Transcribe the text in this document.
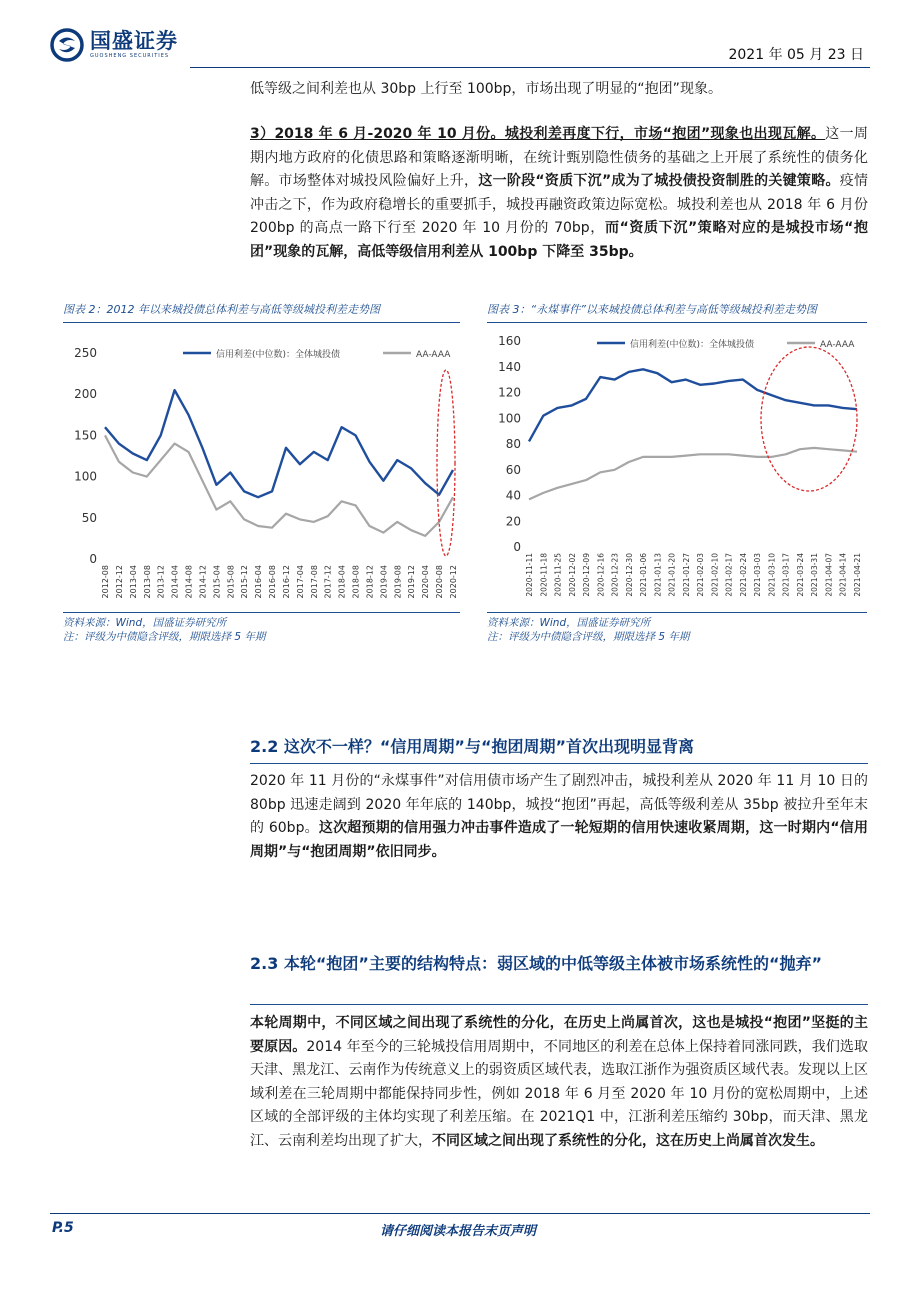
国盛证券
GUOSHENG SECURITIES	2021 年 05 月 23 日
低等级之间利差也从 30bp 上行至 100bp，市场出现了明显的“抱团”现象。
3）2018 年 6 月-2020 年 10 月份。城投利差再度下行，市场“抱团”现象也出现瓦解。这一周期内地方政府的化债思路和策略逐渐明晰，在统计甄别隐性债务的基础之上开展了系统性的债务化解。市场整体对城投风险偏好上升，这一阶段“资质下沉”成为了城投债投资制胜的关键策略。疫情冲击之下，作为政府稳增长的重要抓手，城投再融资政策边际宽松。城投利差也从 2018 年 6 月份 200bp 的高点一路下行至 2020 年 10 月份的 70bp，而“资质下沉”策略对应的是城投市场“抱团”现象的瓦解，高低等级信用利差从 100bp 下降至 35bp。
图表 2：2012 年以来城投债总体利差与高低等级城投利差走势图
0
50
100
150
200
250
2012-08 2012-12 2013-04 2013-08 2013-12 2014-04 2014-08 2014-12 2015-04 2015-08 2015-12 2016-04 2016-08 2016-12 2017-04 2017-08 2017-12 2018-04 2018-08 2018-12 2019-04 2019-08 2019-12 2020-04 2020-08 2020-12
信用利差(中位数)：全体城投债	AA-AAA
资料来源：Wind，国盛证券研究所
注：评级为中债隐含评级，期限选择 5 年期
图表 3：“永煤事件”以来城投债总体利差与高低等级城投利差走势图
0
20
40
60
80
100
120
140
160
2020-11-11 2020-11-18 2020-11-25 2020-12-02 2020-12-09 2020-12-16 2020-12-23 2020-12-30 2021-01-06 2021-01-13 2021-01-20 2021-01-27 2021-02-03 2021-02-10 2021-02-17 2021-02-24 2021-03-03 2021-03-10 2021-03-17 2021-03-24 2021-03-31 2021-04-07 2021-04-14 2021-04-21
信用利差(中位数)：全体城投债	AA-AAA
资料来源：Wind，国盛证券研究所
注：评级为中债隐含评级，期限选择 5 年期
2.2 这次不一样？“信用周期”与“抱团周期”首次出现明显背离
2020 年 11 月份的“永煤事件”对信用债市场产生了剧烈冲击，城投利差从 2020 年 11 月 10 日的 80bp 迅速走阔到 2020 年年底的 140bp，城投“抱团”再起，高低等级利差从 35bp 被拉升至年末的 60bp。这次超预期的信用强力冲击事件造成了一轮短期的信用快速收紧周期，这一时期内“信用周期”与“抱团周期”依旧同步。
2.3 本轮“抱团”主要的结构特点：弱区域的中低等级主体被市场系统性的“抛弃”
本轮周期中，不同区域之间出现了系统性的分化，在历史上尚属首次，这也是城投“抱团”坚挺的主要原因。2014 年至今的三轮城投信用周期中，不同地区的利差在总体上保持着同涨同跌，我们选取天津、黑龙江、云南作为传统意义上的弱资质区域代表，选取江浙作为强资质区域代表。发现以上区域利差在三轮周期中都能保持同步性，例如 2018 年 6 月至 2020 年 10 月份的宽松周期中，上述区域的全部评级的主体均实现了利差压缩。在 2021Q1 中，江浙利差压缩约 30bp，而天津、黑龙江、云南利差均出现了扩大，不同区域之间出现了系统性的分化，这在历史上尚属首次发生。
P.5	请仔细阅读本报告末页声明
